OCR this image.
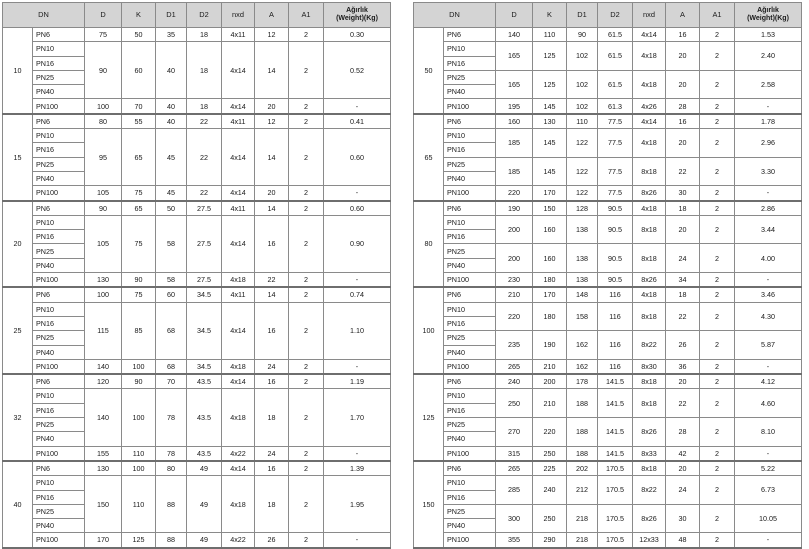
DN		D	K	D1	D2	nxd	A	A1	Ağırlık
(Weight)(Kg)

10	PN6	75	50	35	18	4x11	12	2	0.30
	PN10	90	60	40	18	4x14	14	2	0.52
	PN16								
	PN25								
	PN40								
	PN100	100	70	40	18	4x14	20	2	-
15	PN6	80	55	40	22	4x11	12	2	0.41
	PN10	95	65	45	22	4x14	14	2	0.60
	PN16								
	PN25								
	PN40								
	PN100	105	75	45	22	4x14	20	2	-
20	PN6	90	65	50	27.5	4x11	14	2	0.60
	PN10	105	75	58	27.5	4x14	16	2	0.90
	PN16								
	PN25								
	PN40								
	PN100	130	90	58	27.5	4x18	22	2	-
25	PN6	100	75	60	34.5	4x11	14	2	0.74
	PN10	115	85	68	34.5	4x14	16	2	1.10
	PN16								
	PN25								
	PN40								
	PN100	140	100	68	34.5	4x18	24	2	-
32	PN6	120	90	70	43.5	4x14	16	2	1.19
	PN10	140	100	78	43.5	4x18	18	2	1.70
	PN16								
	PN25								
	PN40								
	PN100	155	110	78	43.5	4x22	24	2	-
40	PN6	130	100	80	49	4x14	16	2	1.39
	PN10	150	110	88	49	4x18	18	2	1.95
	PN16								
	PN25								
	PN40								
	PN100	170	125	88	49	4x22	26	2	-
DN		D	K	D1	D2	nxd	A	A1	Ağırlık
(Weight)(Kg)

50	PN6	140	110	90	61.5	4x14	16	2	1.53
	PN10	165	125	102	61.5	4x18	20	2	2.40
	PN16								
	PN25	165	125	102	61.5	4x18	20	2	2.58
	PN40								
	PN100	195	145	102	61.3	4x26	28	2	-
65	PN6	160	130	110	77.5	4x14	16	2	1.78
	PN10	185	145	122	77.5	4x18	20	2	2.96
	PN16								
	PN25	185	145	122	77.5	8x18	22	2	3.30
	PN40								
	PN100	220	170	122	77.5	8x26	30	2	-
80	PN6	190	150	128	90.5	4x18	18	2	2.86
	PN10	200	160	138	90.5	8x18	20	2	3.44
	PN16								
	PN25	200	160	138	90.5	8x18	24	2	4.00
	PN40								
	PN100	230	180	138	90.5	8x26	34	2	-
100	PN6	210	170	148	116	4x18	18	2	3.46
	PN10	220	180	158	116	8x18	22	2	4.30
	PN16								
	PN25	235	190	162	116	8x22	26	2	5.87
	PN40								
	PN100	265	210	162	116	8x30	36	2	-
125	PN6	240	200	178	141.5	8x18	20	2	4.12
	PN10	250	210	188	141.5	8x18	22	2	4.60
	PN16								
	PN25	270	220	188	141.5	8x26	28	2	8.10
	PN40								
	PN100	315	250	188	141.5	8x33	42	2	-
150	PN6	265	225	202	170.5	8x18	20	2	5.22
	PN10	285	240	212	170.5	8x22	24	2	6.73
	PN16								
	PN25	300	250	218	170.5	8x26	30	2	10.05
	PN40								
	PN100	355	290	218	170.5	12x33	48	2	-
